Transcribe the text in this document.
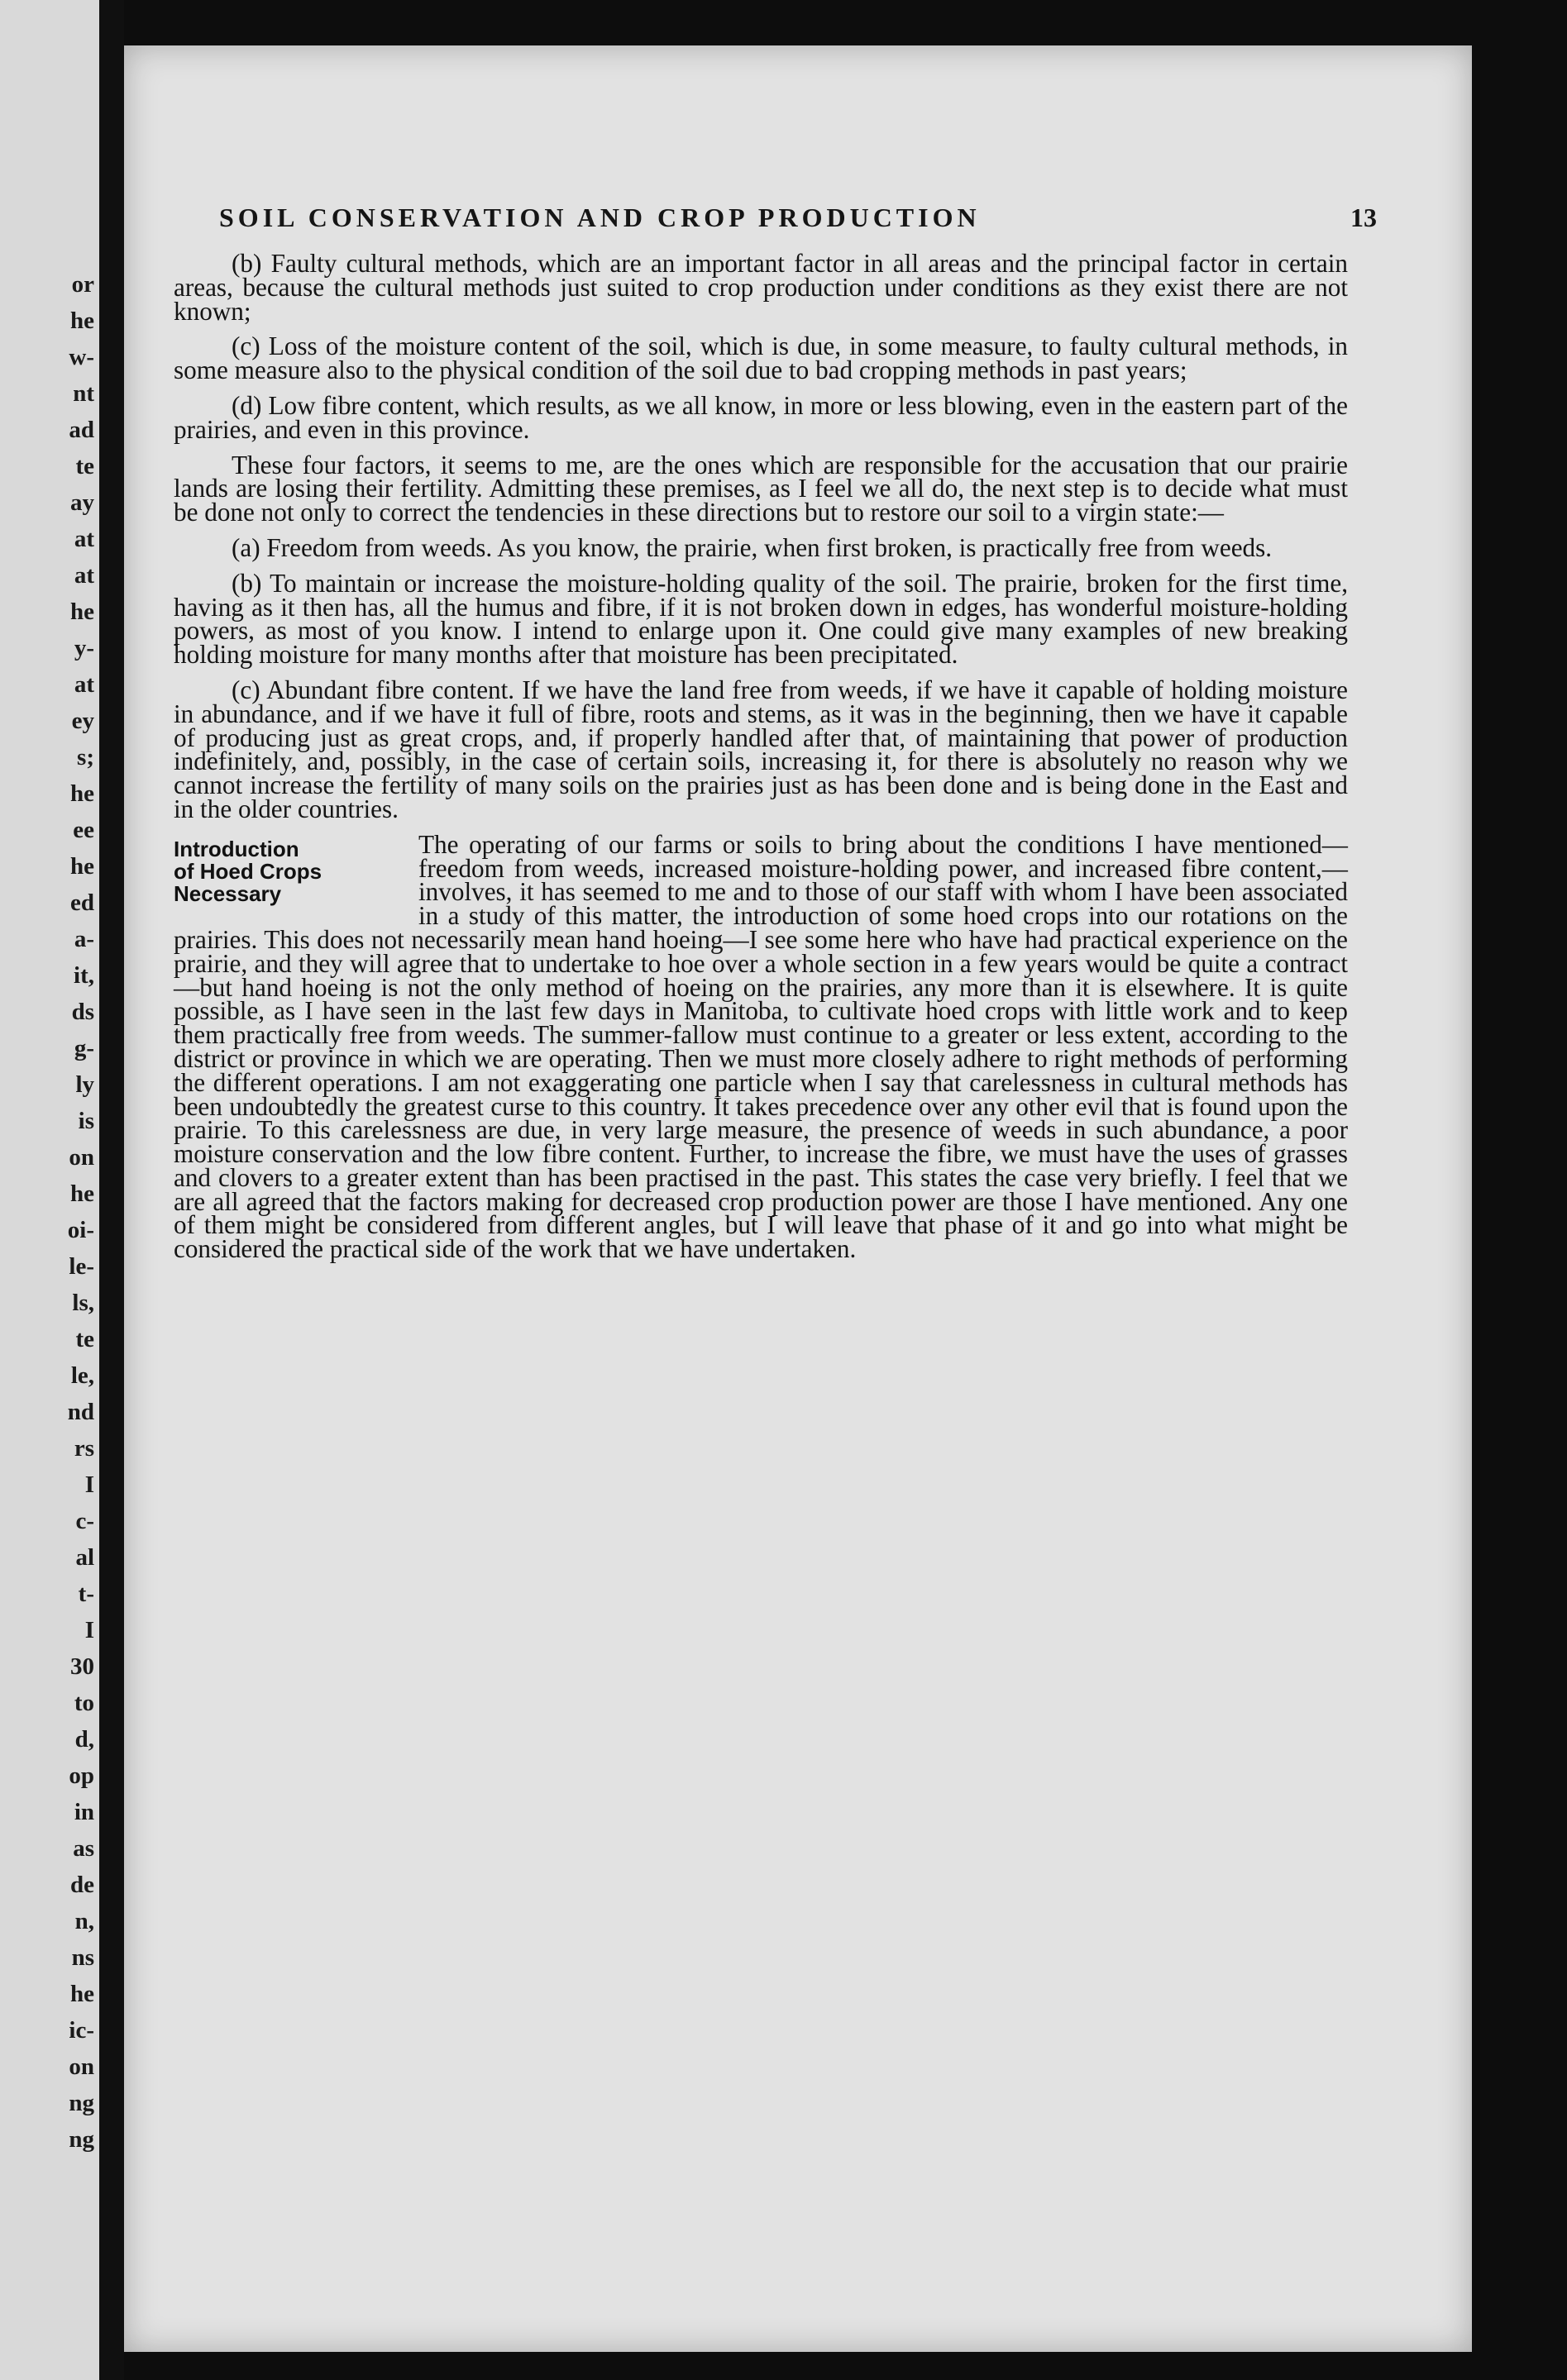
or
he
w-
nt
ad
te
ay
at
at
he
y-
at
ey
s;
he
ee
he
ed
a-
it,
ds
g-
ly
is
on
he
oi-
le-
ls,
te
le,
nd
rs
I
c-
al
t-
I
30
to
d,
op
in
as
de
n,
ns
he
ic-
on
ng
ng
SOIL CONSERVATION AND CROP PRODUCTION	13

(b) Faulty cultural methods, which are an important factor in all areas and the principal factor in certain areas, because the cultural methods just suited to crop production under conditions as they exist there are not known;

(c) Loss of the moisture content of the soil, which is due, in some measure, to faulty cultural methods, in some measure also to the physical condition of the soil due to bad cropping methods in past years;

(d) Low fibre content, which results, as we all know, in more or less blowing, even in the eastern part of the prairies, and even in this province.

These four factors, it seems to me, are the ones which are responsible for the accusation that our prairie lands are losing their fertility. Admitting these premises, as I feel we all do, the next step is to decide what must be done not only to correct the tendencies in these directions but to restore our soil to a virgin state:—

(a) Freedom from weeds. As you know, the prairie, when first broken, is practically free from weeds.

(b) To maintain or increase the moisture-holding quality of the soil. The prairie, broken for the first time, having as it then has, all the humus and fibre, if it is not broken down in edges, has wonderful moisture-holding powers, as most of you know. I intend to enlarge upon it. One could give many examples of new breaking holding moisture for many months after that moisture has been precipitated.

(c) Abundant fibre content. If we have the land free from weeds, if we have it capable of holding moisture in abundance, and if we have it full of fibre, roots and stems, as it was in the beginning, then we have it capable of producing just as great crops, and, if properly handled after that, of maintaining that power of production indefinitely, and, possibly, in the case of certain soils, increasing it, for there is absolutely no reason why we cannot increase the fertility of many soils on the prairies just as has been done and is being done in the East and in the older countries.

Introduction
of Hoed Crops
Necessary
The operating of our farms or soils to bring about the conditions I have mentioned—freedom from weeds, increased moisture-holding power, and increased fibre content,—involves, it has seemed to me and to those of our staff with whom I have been associated in a study of this matter, the introduction of some hoed crops into our rotations on the prairies. This does not necessarily mean hand hoeing—I see some here who have had practical experience on the prairie, and they will agree that to undertake to hoe over a whole section in a few years would be quite a contract—but hand hoeing is not the only method of hoeing on the prairies, any more than it is elsewhere. It is quite possible, as I have seen in the last few days in Manitoba, to cultivate hoed crops with little work and to keep them practically free from weeds. The summer-fallow must continue to a greater or less extent, according to the district or province in which we are operating. Then we must more closely adhere to right methods of performing the different operations. I am not exaggerating one particle when I say that carelessness in cultural methods has been undoubtedly the greatest curse to this country. It takes precedence over any other evil that is found upon the prairie. To this carelessness are due, in very large measure, the presence of weeds in such abundance, a poor moisture conservation and the low fibre content. Further, to increase the fibre, we must have the uses of grasses and clovers to a greater extent than has been practised in the past. This states the case very briefly. I feel that we are all agreed that the factors making for decreased crop production power are those I have mentioned. Any one of them might be considered from different angles, but I will leave that phase of it and go into what might be considered the practical side of the work that we have undertaken.
